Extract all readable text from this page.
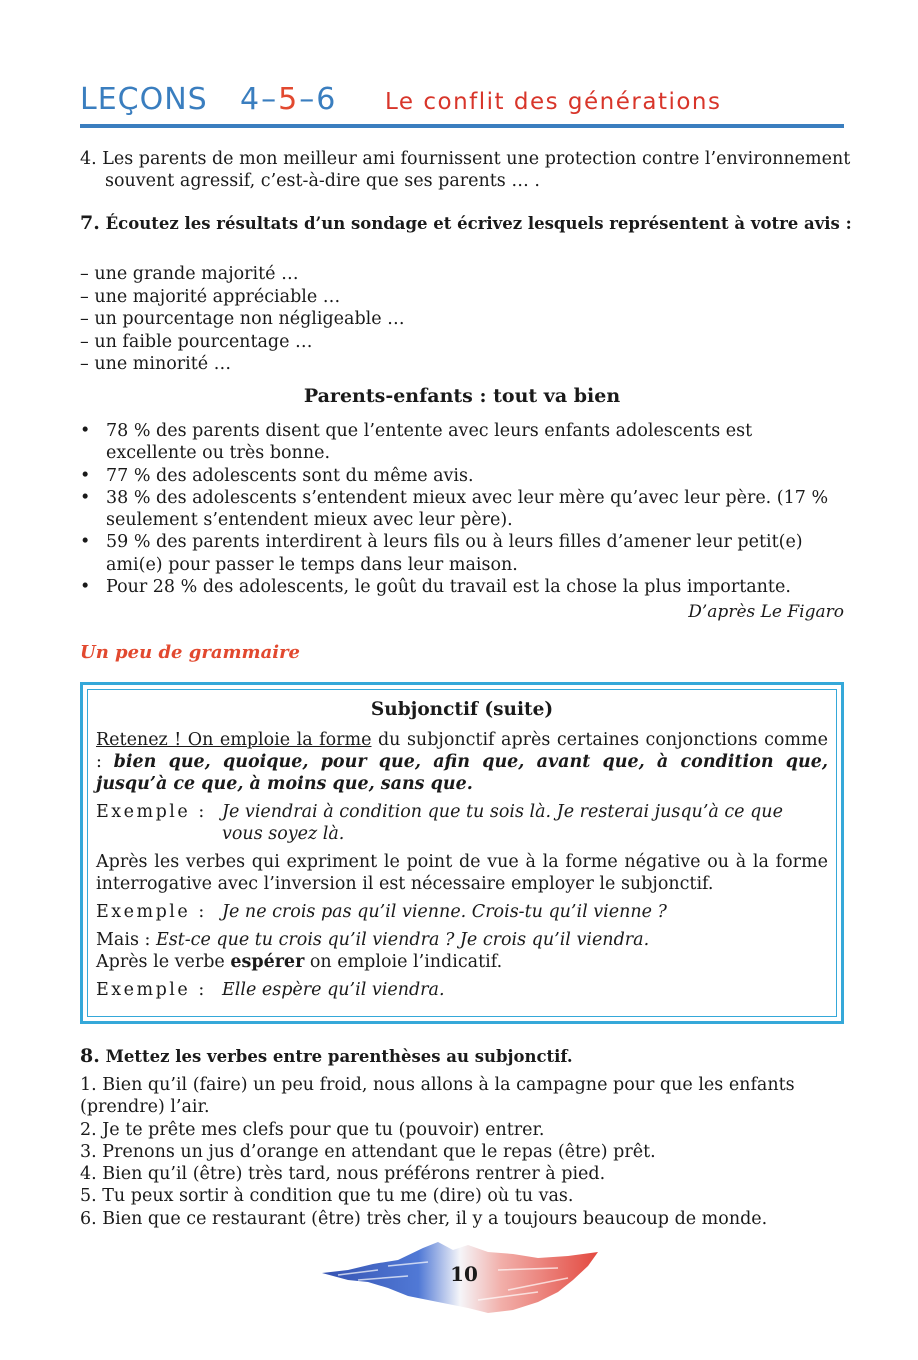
LEÇONS 4–5–6 Le conflit des générations
4. Les parents de mon meilleur ami fournissent une protection contre l’environnement souvent agressif, c’est-à-dire que ses parents … .
7. Écoutez les résultats d’un sondage et écrivez lesquels représentent à votre avis :
– une grande majorité …
– une majorité appréciable …
– un pourcentage non négligeable …
– un faible pourcentage …
– une minorité …
Parents-enfants : tout va bien
• 78 % des parents disent que l’entente avec leurs enfants adolescents est excellente ou très bonne.
• 77 % des adolescents sont du même avis.
• 38 % des adolescents s’entendent mieux avec leur mère qu’avec leur père. (17 % seulement s’entendent mieux avec leur père).
• 59 % des parents interdirent à leurs fils ou à leurs filles d’amener leur petit(e) ami(e) pour passer le temps dans leur maison.
• Pour 28 % des adolescents, le goût du travail est la chose la plus importante.
D’après Le Figaro
Un peu de grammaire
Subjonctif (suite)
Retenez ! On emploie la forme du subjonctif après certaines conjonctions comme : bien que, quoique, pour que, afin que, avant que, à condition que, jusqu’à ce que, à moins que, sans que.
Exemple : Je viendrai à condition que tu sois là. Je resterai jusqu’à ce que vous soyez là.
Après les verbes qui expriment le point de vue à la forme négative ou à la forme interrogative avec l’inversion il est nécessaire employer le subjonctif.
Exemple : Je ne crois pas qu’il vienne. Crois-tu qu’il vienne ?
Mais : Est-ce que tu crois qu’il viendra ? Je crois qu’il viendra.
Après le verbe espérer on emploie l’indicatif.
Exemple : Elle espère qu’il viendra.
8. Mettez les verbes entre parenthèses au subjonctif.
1. Bien qu’il (faire) un peu froid, nous allons à la campagne pour que les enfants (prendre) l’air.
2. Je te prête mes clefs pour que tu (pouvoir) entrer.
3. Prenons un jus d’orange en attendant que le repas (être) prêt.
4. Bien qu’il (être) très tard, nous préférons rentrer à pied.
5. Tu peux sortir à condition que tu me (dire) où tu vas.
6. Bien que ce restaurant (être) très cher, il y a toujours beaucoup de monde.
10
